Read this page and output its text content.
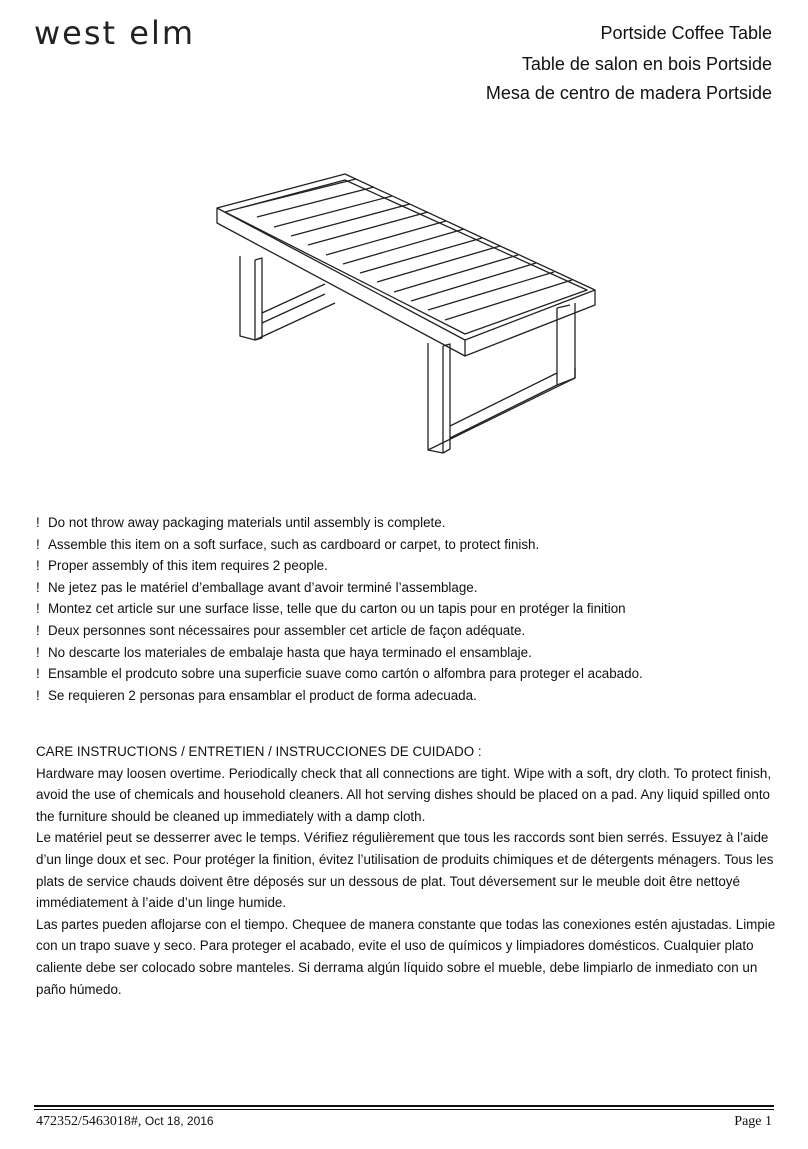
west elm	Portside Coffee Table
Table de salon en bois Portside
Mesa de centro de madera Portside
! Do not throw away packaging materials until assembly is complete.
! Assemble this item on a soft surface, such as cardboard or carpet, to protect finish.
! Proper assembly of this item requires 2 people.
! Ne jetez pas le matériel d’emballage avant d’avoir terminé l’assemblage.
! Montez cet article sur une surface lisse, telle que du carton ou un tapis pour en protéger la finition
! Deux personnes sont nécessaires pour assembler cet article de façon adéquate.
! No descarte los materiales de embalaje hasta que haya terminado el ensamblaje.
! Ensamble el prodcuto sobre una superficie suave como cartón o alfombra para proteger el acabado.
! Se requieren 2 personas para ensamblar el product de forma adecuada.

CARE INSTRUCTIONS / ENTRETIEN / INSTRUCCIONES DE CUIDADO :

Hardware may loosen overtime. Periodically check that all connections are tight. Wipe with a soft, dry cloth. To protect finish, avoid the use of chemicals and household cleaners. All hot serving dishes should be placed on a pad. Any liquid spilled onto the furniture should be cleaned up immediately with a damp cloth.

Le matériel peut se desserrer avec le temps. Vérifiez régulièrement que tous les raccords sont bien serrés. Essuyez à l’aide d’un linge doux et sec. Pour protéger la finition, évitez l’utilisation de produits chimiques et de détergents ménagers. Tous les plats de service chauds doivent être déposés sur un dessous de plat. Tout déversement sur le meuble doit être nettoyé immédiatement à l’aide d’un linge humide.

Las partes pueden aflojarse con el tiempo. Chequee de manera constante que todas las conexiones estén ajustadas. Limpie con un trapo suave y seco. Para proteger el acabado, evite el uso de químicos y limpiadores domésticos. Cualquier plato caliente debe ser colocado sobre manteles. Si derrama algún líquido sobre el mueble, debe limpiarlo de inmediato con un paño húmedo.

472352/5463018#, Oct 18, 2016	Page 1
